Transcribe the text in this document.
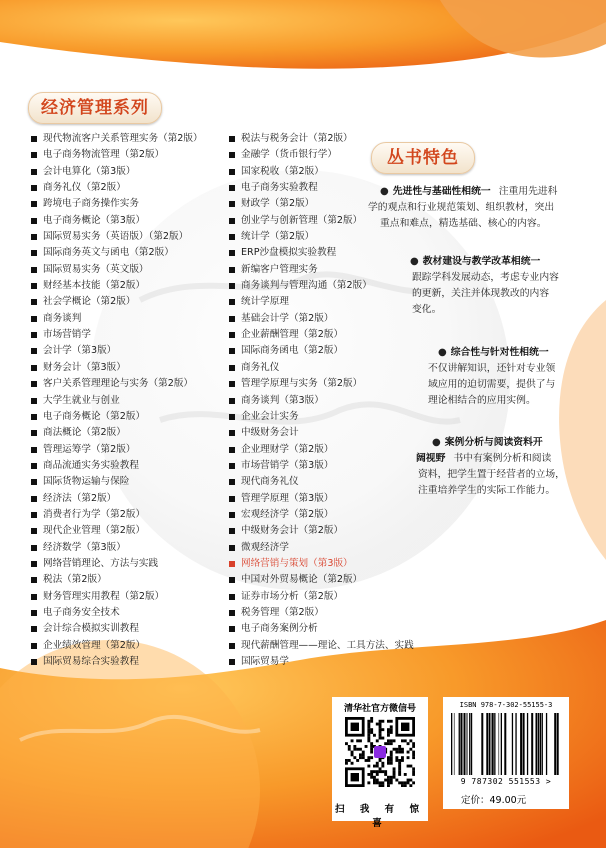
经济管理系列
现代物流客户关系管理实务（第2版）
电子商务物流管理（第2版）
会计电算化（第3版）
商务礼仪（第2版）
跨境电子商务操作实务
电子商务概论（第3版）
国际贸易实务（英语版）（第2版）
国际商务英文与函电（第2版）
国际贸易实务（英文版）
财经基本技能（第2版）
社会学概论（第2版）
商务谈判
市场营销学
会计学（第3版）
财务会计（第3版）
客户关系管理理论与实务（第2版）
大学生就业与创业
电子商务概论（第2版）
商法概论（第2版）
管理运筹学（第2版）
商品流通实务实验教程
国际货物运输与保险
经济法（第2版）
消费者行为学（第2版）
现代企业管理（第2版）
经济数学（第3版）
网络营销理论、方法与实践
税法（第2版）
财务管理实用教程（第2版）
电子商务安全技术
会计综合模拟实训教程
企业绩效管理（第2版）
国际贸易综合实验教程
税法与税务会计（第2版）
金融学（货币银行学）
国家税收（第2版）
电子商务实验教程
财政学（第2版）
创业学与创新管理（第2版）
统计学（第2版）
ERP沙盘模拟实验教程
新编客户管理实务
商务谈判与管理沟通（第2版）
统计学原理
基础会计学（第2版）
企业薪酬管理（第2版）
国际商务函电（第2版）
商务礼仪
管理学原理与实务（第2版）
商务谈判（第3版）
企业会计实务
中级财务会计
企业理财学（第2版）
市场营销学（第3版）
现代商务礼仪
管理学原理（第3版）
宏观经济学（第2版）
中级财务会计（第2版）
微观经济学
网络营销与策划（第3版）
中国对外贸易概论（第2版）
证券市场分析（第2版）
税务管理（第2版）
电子商务案例分析
现代薪酬管理——理论、工具方法、实践
国际贸易学
丛书特色
● 先进性与基础性相统一 注重用先进科
学的观点和行业规范策划、组织教材，突出
重点和难点，精选基础、核心的内容。
● 教材建设与教学改革相统一
跟踪学科发展动态，考虑专业内容
的更新，关注并体现教改的内容
变化。
● 综合性与针对性相统一
不仅讲解知识，还针对专业领
域应用的迫切需要，提供了与
理论相结合的应用实例。
● 案例分析与阅读资料开
阔视野 书中有案例分析和阅读
资料，把学生置于经营者的立场，
注重培养学生的实际工作能力。
清华社官方微信号
扫 我 有 惊 喜
ISBN 978-7-302-55155-3
9 787302 551553 >
定价：49.00元
